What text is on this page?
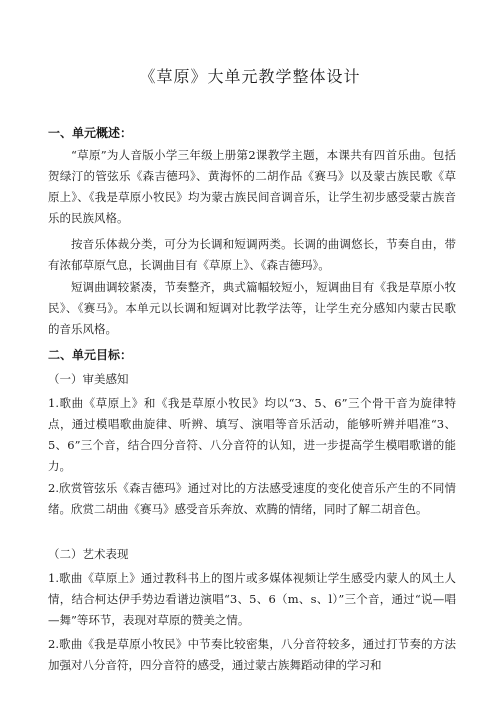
《草原》大单元教学整体设计
一、单元概述：
“草原”为人音版小学三年级上册第2课教学主题，本课共有四首乐曲。包括贺绿汀的管弦乐《森吉德玛》、黄海怀的二胡作品《赛马》以及蒙古族民歌《草原上》、《我是草原小牧民》均为蒙古族民间音调音乐，让学生初步感受蒙古族音乐的民族风格。
按音乐体裁分类，可分为长调和短调两类。长调的曲调悠长，节奏自由，带有浓郁草原气息，长调曲目有《草原上》、《森吉德玛》。
短调曲调较紧凑，节奏整齐，典式篇幅较短小，短调曲目有《我是草原小牧民》、《赛马》。本单元以长调和短调对比教学法等，让学生充分感知内蒙古民歌的音乐风格。
二、单元目标：
（一）审美感知
1.歌曲《草原上》和《我是草原小牧民》均以“3、5、6”三个骨干音为旋律特点，通过模唱歌曲旋律、听辨、填写、演唱等音乐活动，能够听辨并唱准“3、5、6”三个音，结合四分音符、八分音符的认知，进一步提高学生模唱歌谱的能力。
2.欣赏管弦乐《森吉德玛》通过对比的方法感受速度的变化使音乐产生的不同情绪。欣赏二胡曲《赛马》感受音乐奔放、欢腾的情绪，同时了解二胡音色。
（二）艺术表现
1.歌曲《草原上》通过教科书上的图片或多媒体视频让学生感受内蒙人的风土人情，结合柯达伊手势边看谱边演唱“3、5、6（m、s、l）”三个音，通过“说—唱—舞”等环节，表现对草原的赞美之情。
2.歌曲《我是草原小牧民》中节奏比较密集，八分音符较多，通过打节奏的方法加强对八分音符，四分音符的感受，通过蒙古族舞蹈动律的学习和
